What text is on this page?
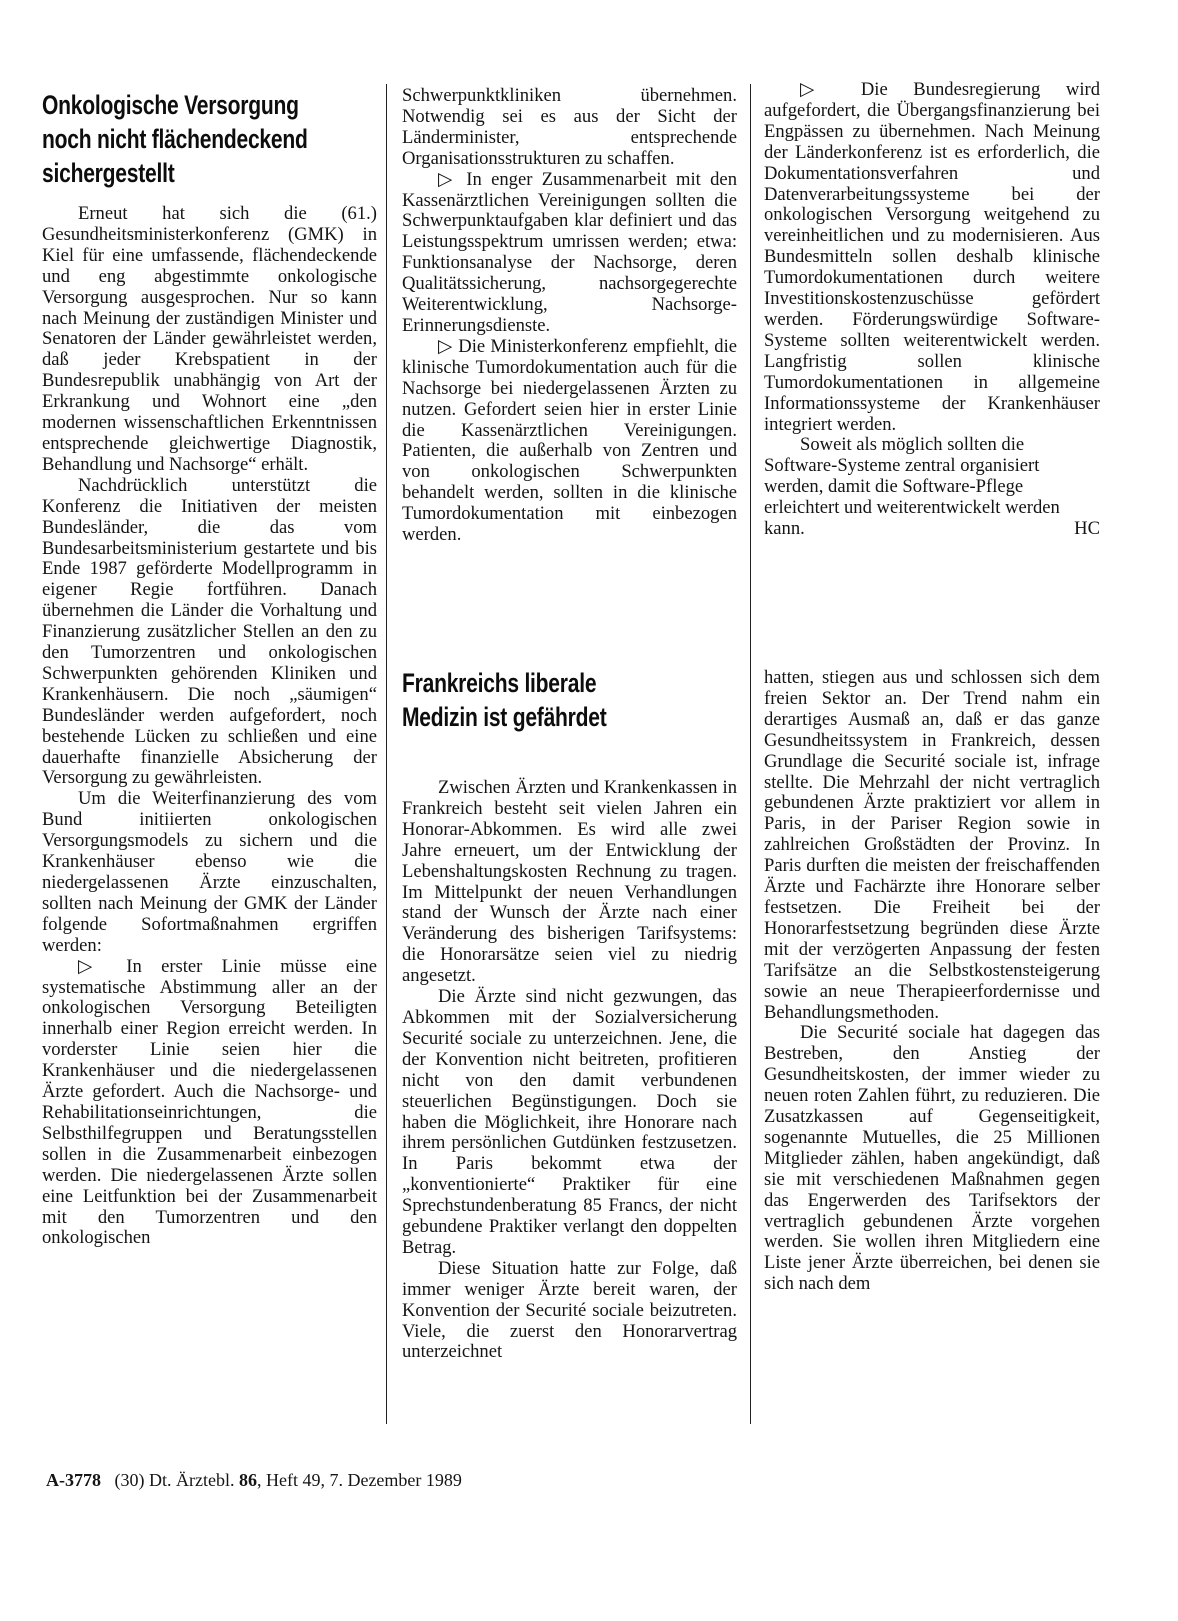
Onkologische Versorgung
noch nicht flächendeckend
sichergestellt

Erneut hat sich die (61.) Gesundheitsministerkonferenz (GMK) in Kiel für eine umfassende, flächendeckende und eng abgestimmte onkologische Versorgung ausgesprochen. Nur so kann nach Meinung der zuständigen Minister und Senatoren der Länder gewährleistet werden, daß jeder Krebspatient in der Bundesrepublik unabhängig von Art der Erkrankung und Wohnort eine „den modernen wissenschaftlichen Erkenntnissen entsprechende gleichwertige Diagnostik, Behandlung und Nachsorge“ erhält.

Nachdrücklich unterstützt die Konferenz die Initiativen der meisten Bundesländer, die das vom Bundesarbeitsministerium gestartete und bis Ende 1987 geförderte Modellprogramm in eigener Regie fortführen. Danach übernehmen die Länder die Vorhaltung und Finanzierung zusätzlicher Stellen an den zu den Tumorzentren und onkologischen Schwerpunkten gehörenden Kliniken und Krankenhäusern. Die noch „säumigen“ Bundesländer werden aufgefordert, noch bestehende Lücken zu schließen und eine dauerhafte finanzielle Absicherung der Versorgung zu gewährleisten.

Um die Weiterfinanzierung des vom Bund initiierten onkologischen Versorgungsmodels zu sichern und die Krankenhäuser ebenso wie die niedergelassenen Ärzte einzuschalten, sollten nach Meinung der GMK der Länder folgende Sofortmaßnahmen ergriffen werden:

▷ In erster Linie müsse eine systematische Abstimmung aller an der onkologischen Versorgung Beteiligten innerhalb einer Region erreicht werden. In vorderster Linie seien hier die Krankenhäuser und die niedergelassenen Ärzte gefordert. Auch die Nachsorge- und Rehabilitationseinrichtungen, die Selbsthilfegruppen und Beratungsstellen sollen in die Zusammenarbeit einbezogen werden. Die niedergelassenen Ärzte sollen eine Leitfunktion bei der Zusammenarbeit mit den Tumorzentren und den onkologischen

Schwerpunktkliniken übernehmen. Notwendig sei es aus der Sicht der Länderminister, entsprechende Organisationsstrukturen zu schaffen.

▷ In enger Zusammenarbeit mit den Kassenärztlichen Vereinigungen sollten die Schwerpunktaufgaben klar definiert und das Leistungsspektrum umrissen werden; etwa: Funktionsanalyse der Nachsorge, deren Qualitätssicherung, nachsorgegerechte Weiterentwicklung, Nachsorge-Erinnerungsdienste.

▷ Die Ministerkonferenz empfiehlt, die klinische Tumordokumentation auch für die Nachsorge bei niedergelassenen Ärzten zu nutzen. Gefordert seien hier in erster Linie die Kassenärztlichen Vereinigungen. Patienten, die außerhalb von Zentren und von onkologischen Schwerpunkten behandelt werden, sollten in die klinische Tumordokumentation mit einbezogen werden.

▷ Die Bundesregierung wird aufgefordert, die Übergangsfinanzierung bei Engpässen zu übernehmen. Nach Meinung der Länderkonferenz ist es erforderlich, die Dokumentationsverfahren und Datenverarbeitungssysteme bei der onkologischen Versorgung weitgehend zu vereinheitlichen und zu modernisieren. Aus Bundesmitteln sollen deshalb klinische Tumordokumentationen durch weitere Investitionskostenzuschüsse gefördert werden. Förderungswürdige Software-Systeme sollten weiterentwickelt werden. Langfristig sollen klinische Tumordokumentationen in allgemeine Informationssysteme der Krankenhäuser integriert werden.

Soweit als möglich sollten die Software-Systeme zentral organisiert werden, damit die Software-Pflege erleichtert und weiterentwickelt werden kann.	HC

Frankreichs liberale
Medizin ist gefährdet

Zwischen Ärzten und Krankenkassen in Frankreich besteht seit vielen Jahren ein Honorar-Abkommen. Es wird alle zwei Jahre erneuert, um der Entwicklung der Lebenshaltungskosten Rechnung zu tragen. Im Mittelpunkt der neuen Verhandlungen stand der Wunsch der Ärzte nach einer Veränderung des bisherigen Tarifsystems: die Honorarsätze seien viel zu niedrig angesetzt.

Die Ärzte sind nicht gezwungen, das Abkommen mit der Sozialversicherung Securité sociale zu unterzeichnen. Jene, die der Konvention nicht beitreten, profitieren nicht von den damit verbundenen steuerlichen Begünstigungen. Doch sie haben die Möglichkeit, ihre Honorare nach ihrem persönlichen Gutdünken festzusetzen. In Paris bekommt etwa der „konventionierte“ Praktiker für eine Sprechstundenberatung 85 Francs, der nicht gebundene Praktiker verlangt den doppelten Betrag.

Diese Situation hatte zur Folge, daß immer weniger Ärzte bereit waren, der Konvention der Securité sociale beizutreten. Viele, die zuerst den Honorarvertrag unterzeichnet

hatten, stiegen aus und schlossen sich dem freien Sektor an. Der Trend nahm ein derartiges Ausmaß an, daß er das ganze Gesundheitssystem in Frankreich, dessen Grundlage die Securité sociale ist, infrage stellte. Die Mehrzahl der nicht vertraglich gebundenen Ärzte praktiziert vor allem in Paris, in der Pariser Region sowie in zahlreichen Großstädten der Provinz. In Paris durften die meisten der freischaffenden Ärzte und Fachärzte ihre Honorare selber festsetzen. Die Freiheit bei der Honorarfestsetzung begründen diese Ärzte mit der verzögerten Anpassung der festen Tarifsätze an die Selbstkostensteigerung sowie an neue Therapieerfordernisse und Behandlungsmethoden.

Die Securité sociale hat dagegen das Bestreben, den Anstieg der Gesundheitskosten, der immer wieder zu neuen roten Zahlen führt, zu reduzieren. Die Zusatzkassen auf Gegenseitigkeit, sogenannte Mutuelles, die 25 Millionen Mitglieder zählen, haben angekündigt, daß sie mit verschiedenen Maßnahmen gegen das Engerwerden des Tarifsektors der vertraglich gebundenen Ärzte vorgehen werden. Sie wollen ihren Mitgliedern eine Liste jener Ärzte überreichen, bei denen sie sich nach dem

A-3778 (30) Dt. Ärztebl. 86, Heft 49, 7. Dezember 1989
